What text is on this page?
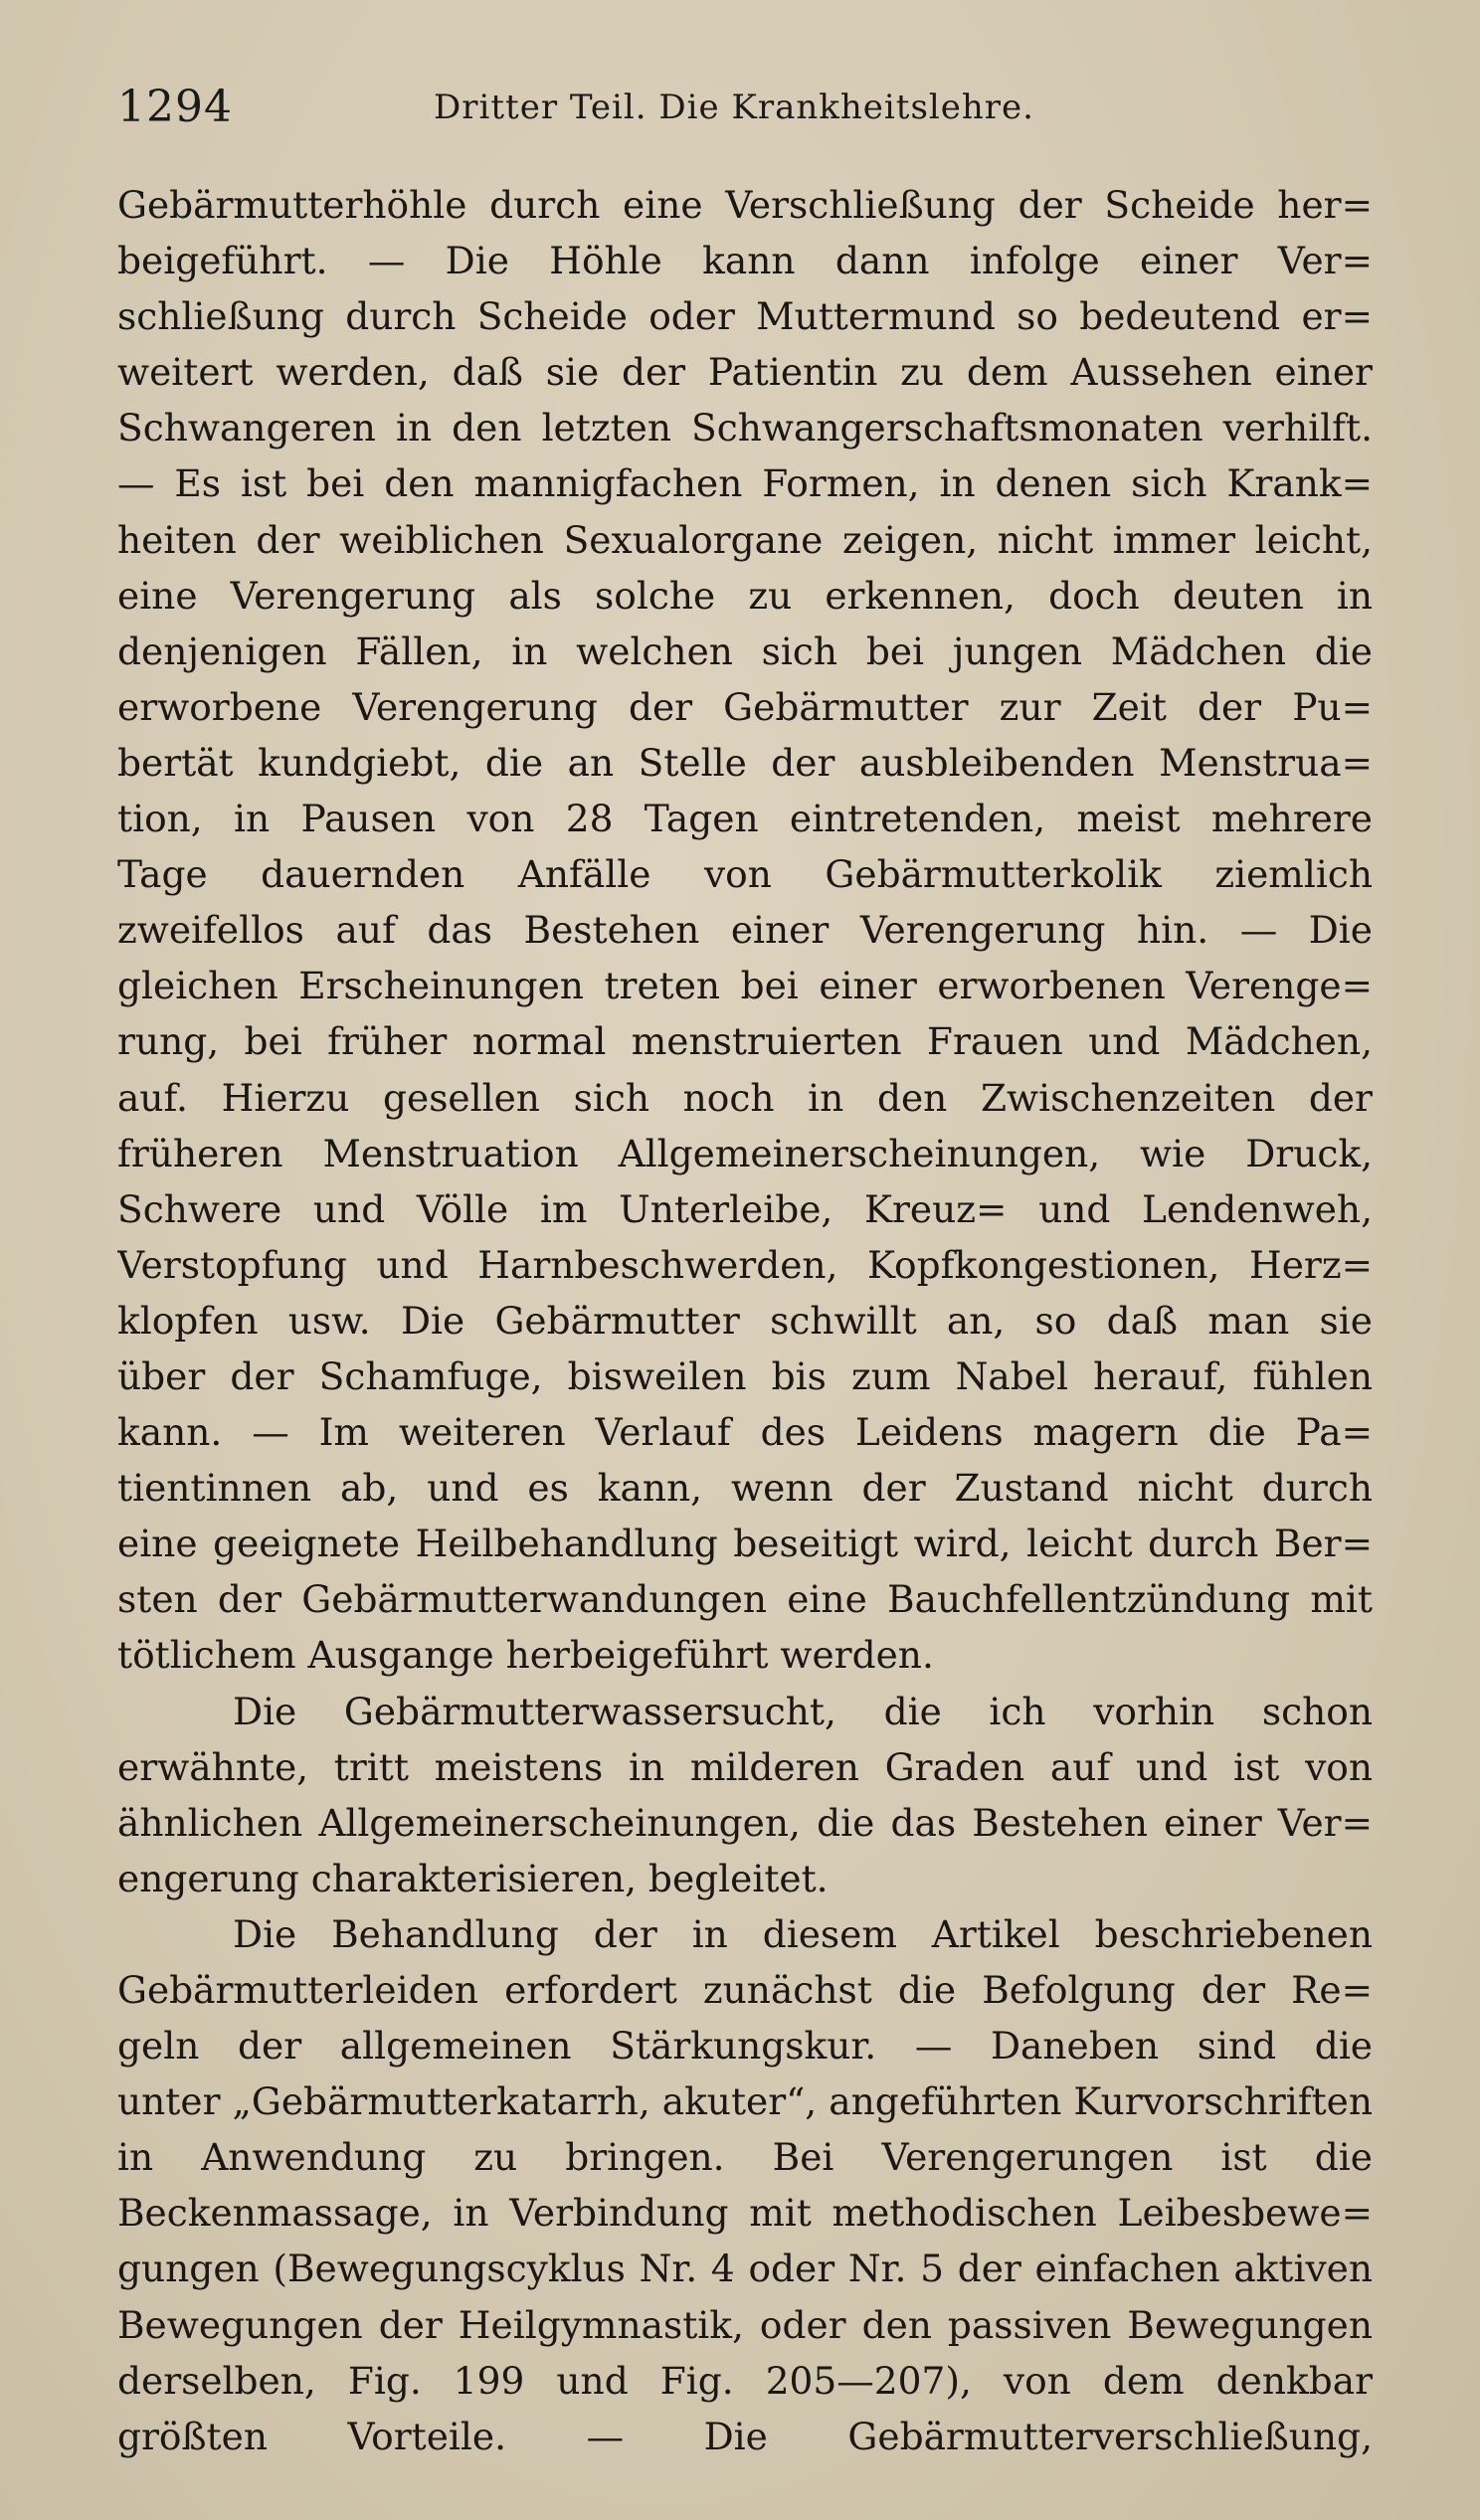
1294	Dritter Teil. Die Krankheitslehre.
Gebärmutterhöhle durch eine Verschließung der Scheide her=
beigeführt. — Die Höhle kann dann infolge einer Ver=
schließung durch Scheide oder Muttermund so bedeutend er=
weitert werden, daß sie der Patientin zu dem Aussehen einer
Schwangeren in den letzten Schwangerschaftsmonaten verhilft.
— Es ist bei den mannigfachen Formen, in denen sich Krank=
heiten der weiblichen Sexualorgane zeigen, nicht immer leicht,
eine Verengerung als solche zu erkennen, doch deuten in
denjenigen Fällen, in welchen sich bei jungen Mädchen die
erworbene Verengerung der Gebärmutter zur Zeit der Pu=
bertät kundgiebt, die an Stelle der ausbleibenden Menstrua=
tion, in Pausen von 28 Tagen eintretenden, meist mehrere
Tage dauernden Anfälle von Gebärmutterkolik ziemlich
zweifellos auf das Bestehen einer Verengerung hin. — Die
gleichen Erscheinungen treten bei einer erworbenen Verenge=
rung, bei früher normal menstruierten Frauen und Mädchen,
auf. Hierzu gesellen sich noch in den Zwischenzeiten der
früheren Menstruation Allgemeinerscheinungen, wie Druck,
Schwere und Völle im Unterleibe, Kreuz= und Lendenweh,
Verstopfung und Harnbeschwerden, Kopfkongestionen, Herz=
klopfen usw. Die Gebärmutter schwillt an, so daß man sie
über der Schamfuge, bisweilen bis zum Nabel herauf, fühlen
kann. — Im weiteren Verlauf des Leidens magern die Pa=
tientinnen ab, und es kann, wenn der Zustand nicht durch
eine geeignete Heilbehandlung beseitigt wird, leicht durch Ber=
sten der Gebärmutterwandungen eine Bauchfellentzündung mit
tötlichem Ausgange herbeigeführt werden.
Die Gebärmutterwassersucht, die ich vorhin schon
erwähnte, tritt meistens in milderen Graden auf und ist von
ähnlichen Allgemeinerscheinungen, die das Bestehen einer Ver=
engerung charakterisieren, begleitet.
Die Behandlung der in diesem Artikel beschriebenen
Gebärmutterleiden erfordert zunächst die Befolgung der Re=
geln der allgemeinen Stärkungskur. — Daneben sind die
unter „Gebärmutterkatarrh, akuter“, angeführten Kurvorschriften
in Anwendung zu bringen. Bei Verengerungen ist die
Beckenmassage, in Verbindung mit methodischen Leibesbewe=
gungen (Bewegungscyklus Nr. 4 oder Nr. 5 der einfachen aktiven
Bewegungen der Heilgymnastik, oder den passiven Bewegungen
derselben, Fig. 199 und Fig. 205—207), von dem denkbar
größten Vorteile. — Die Gebärmutterverschließung,
